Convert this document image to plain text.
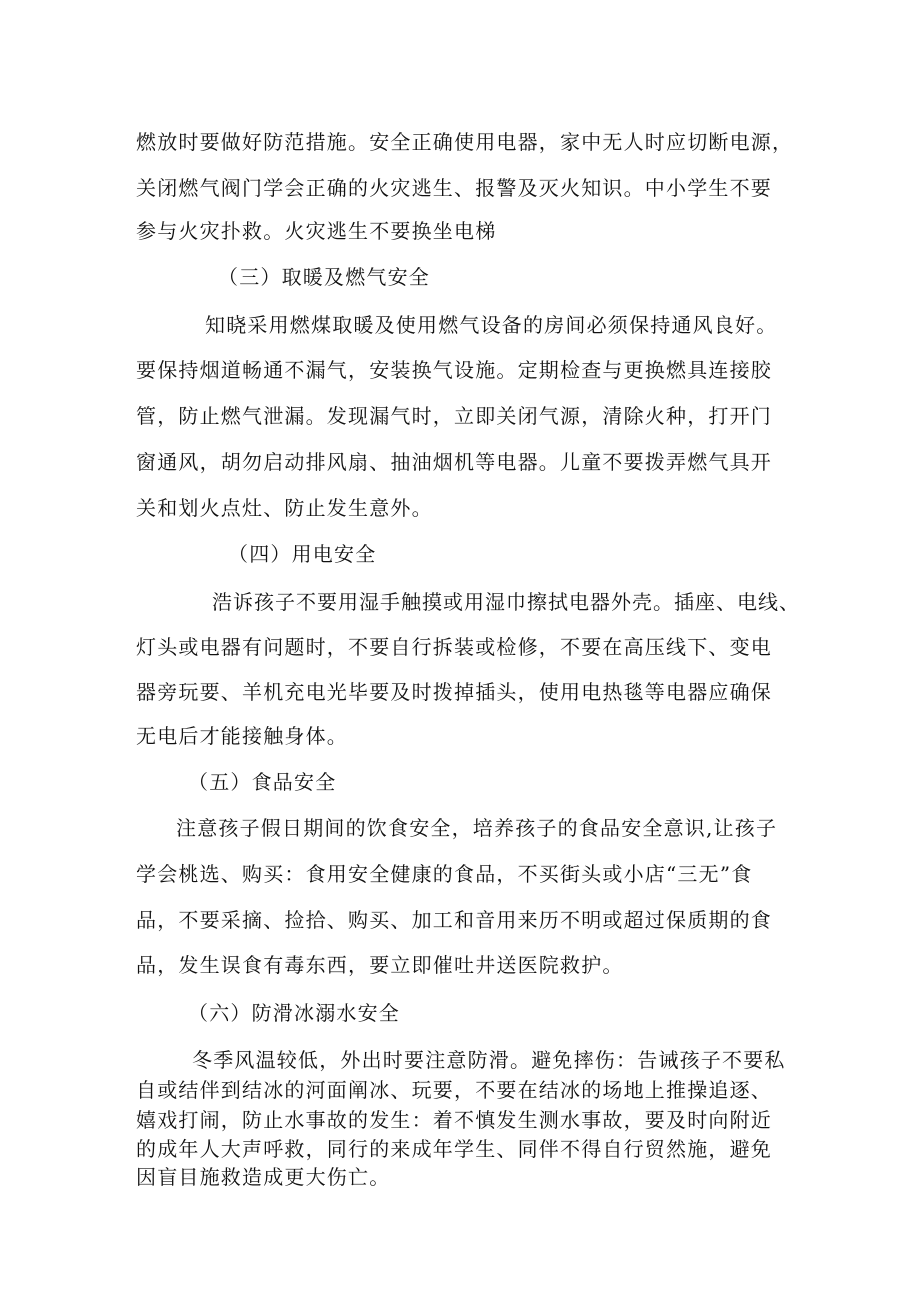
燃放时要做好防范措施。安全正确使用电器，家中无人时应切断电源，
关闭燃气阀门学会正确的火灾逃生、报警及灭火知识。中小学生不要
参与火灾扑救。火灾逃生不要换坐电梯
（三）取暖及燃气安全
知晓采用燃煤取暖及使用燃气设备的房间必须保持通风良好。
要保持烟道畅通不漏气，安装换气设施。定期检查与更换燃具连接胶
管，防止燃气泄漏。发现漏气时，立即关闭气源，清除火种，打开门
窗通风，胡勿启动排风扇、抽油烟机等电器。儿童不要拨弄燃气具开
关和划火点灶、防止发生意外。
（四）用电安全
浩诉孩子不要用湿手触摸或用湿巾擦拭电器外壳。插座、电线、
灯头或电器有问题时，不要自行拆装或检修，不要在高压线下、变电
器旁玩要、羊机充电光毕要及时拨掉插头，使用电热毯等电器应确保
无电后才能接触身体。
（五）食品安全
注意孩子假日期间的饮食安全，培养孩子的食品安全意识,让孩子
学会桃选、购买：食用安全健康的食品，不买街头或小店“三无”食
品，不要采摘、捡拾、购买、加工和音用来历不明或超过保质期的食
品，发生误食有毒东西，要立即催吐井送医院救护。
（六）防滑冰溺水安全
冬季风温较低，外出时要注意防滑。避免摔伤：告诫孩子不要私
自或结伴到结冰的河面阐冰、玩要，不要在结冰的场地上推操追逐、
嬉戏打闹，防止水事故的发生：着不慎发生测水事故，要及时向附近
的成年人大声呼救，同行的来成年学生、同伴不得自行贸然施，避免
因盲目施救造成更大伤亡。
